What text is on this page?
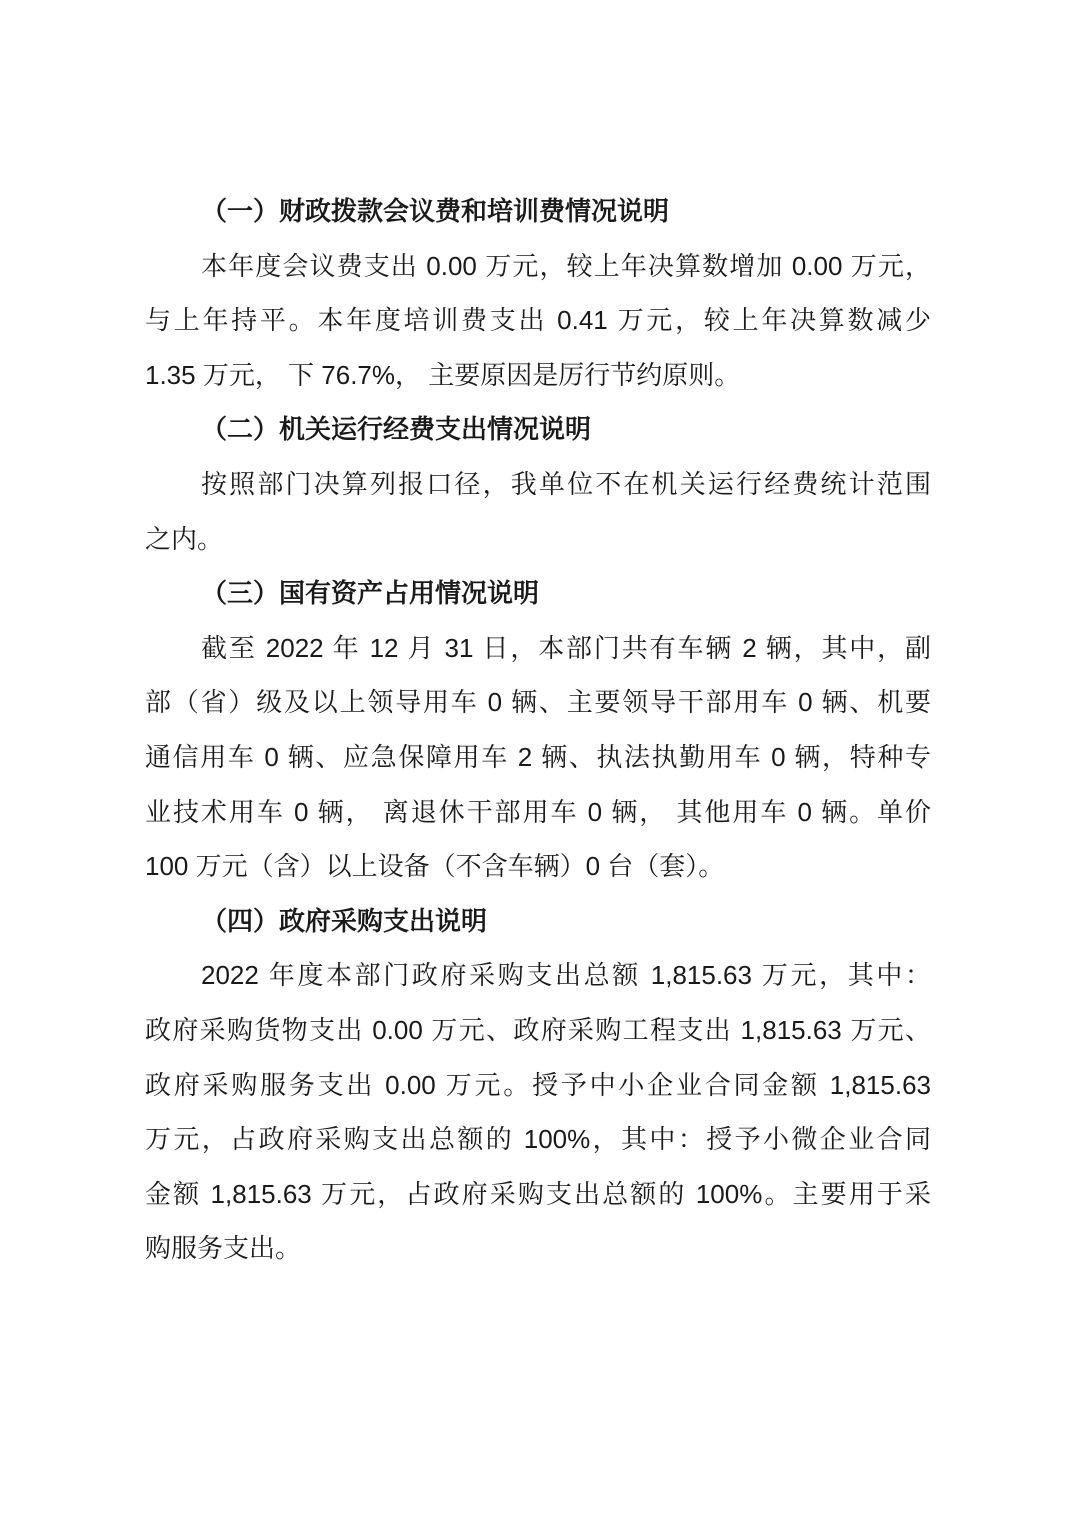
（一）财政拨款会议费和培训费情况说明

本年度会议费支出 0.00 万元，较上年决算数增加 0.00 万元，

与上年持平。本年度培训费支出 0.41 万元，较上年决算数减少

1.35 万元， 下 76.7%， 主要原因是厉行节约原则。

（二）机关运行经费支出情况说明

按照部门决算列报口径，我单位不在机关运行经费统计范围

之内。

（三）国有资产占用情况说明

截至 2022 年 12 月 31 日，本部门共有车辆 2 辆，其中，副

部（省）级及以上领导用车 0 辆、主要领导干部用车 0 辆、机要

通信用车 0 辆、应急保障用车 2 辆、执法执勤用车 0 辆，特种专

业技术用车 0 辆， 离退休干部用车 0 辆， 其他用车 0 辆。单价

100 万元（含）以上设备（不含车辆）0 台（套）。

（四）政府采购支出说明

2022 年度本部门政府采购支出总额 1,815.63 万元，其中：

政府采购货物支出 0.00 万元、政府采购工程支出 1,815.63 万元、

政府采购服务支出 0.00 万元。授予中小企业合同金额 1,815.63

万元，占政府采购支出总额的 100%，其中：授予小微企业合同

金额 1,815.63 万元，占政府采购支出总额的 100%。主要用于采

购服务支出。
